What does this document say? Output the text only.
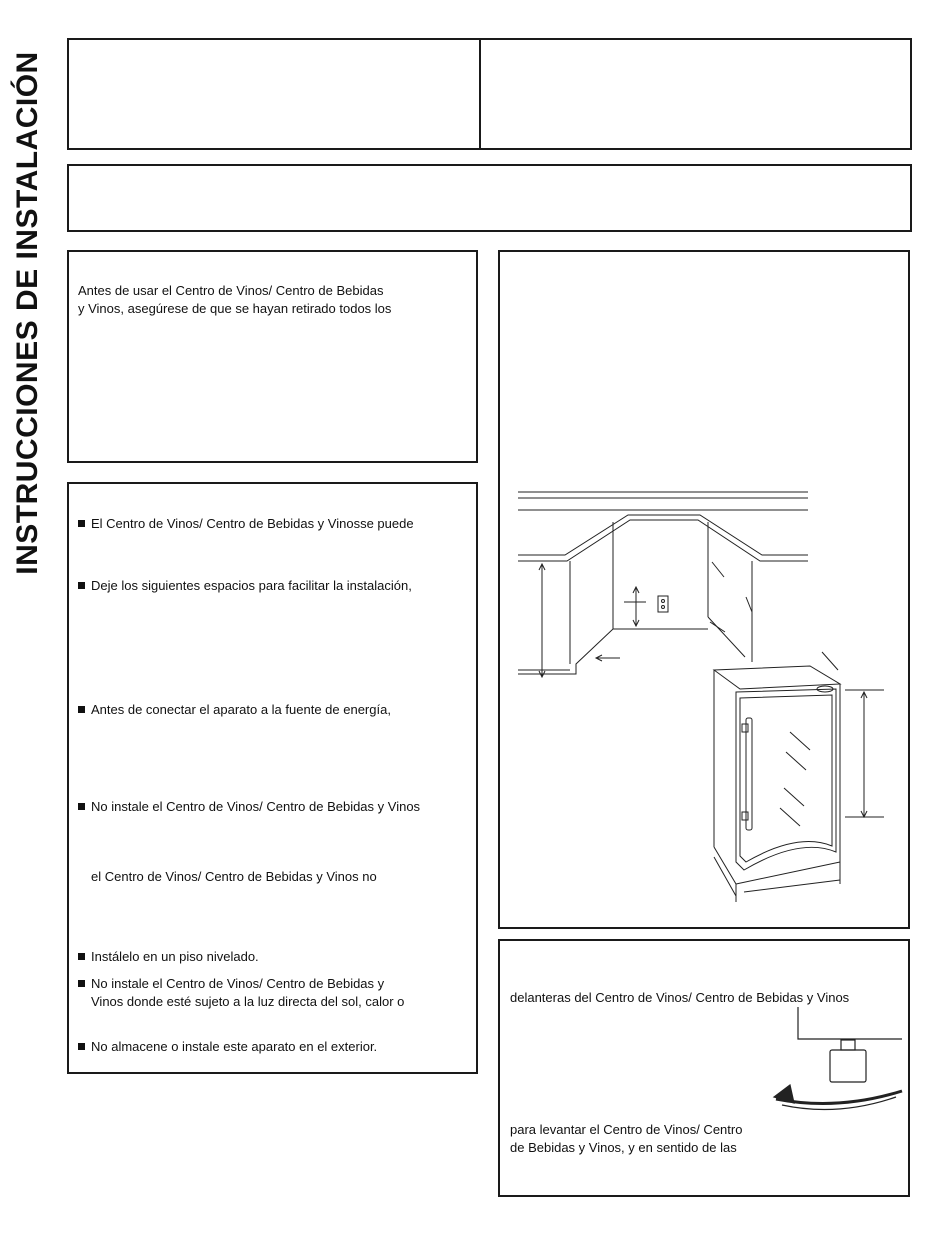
INSTRUCCIONES DE INSTALACIÓN	Antes de usar el Centro de Vinos/ Centro de Bebidas
y Vinos, asegúrese de que se hayan retirado todos los
El Centro de Vinos/ Centro de Bebidas y Vinosse puede
Deje los siguientes espacios para facilitar la instalación,
Antes de conectar el aparato a la fuente de energía,
No instale el Centro de Vinos/ Centro de Bebidas y Vinos
el Centro de Vinos/ Centro de Bebidas y Vinos no
Instálelo en un piso nivelado.
No instale el Centro de Vinos/ Centro de Bebidas y
Vinos donde esté sujeto a la luz directa del sol, calor o
No almacene o instale este aparato en el exterior.
delanteras del Centro de Vinos/ Centro de Bebidas y Vinos
para levantar el Centro de Vinos/ Centro
de Bebidas y Vinos, y en sentido de las
